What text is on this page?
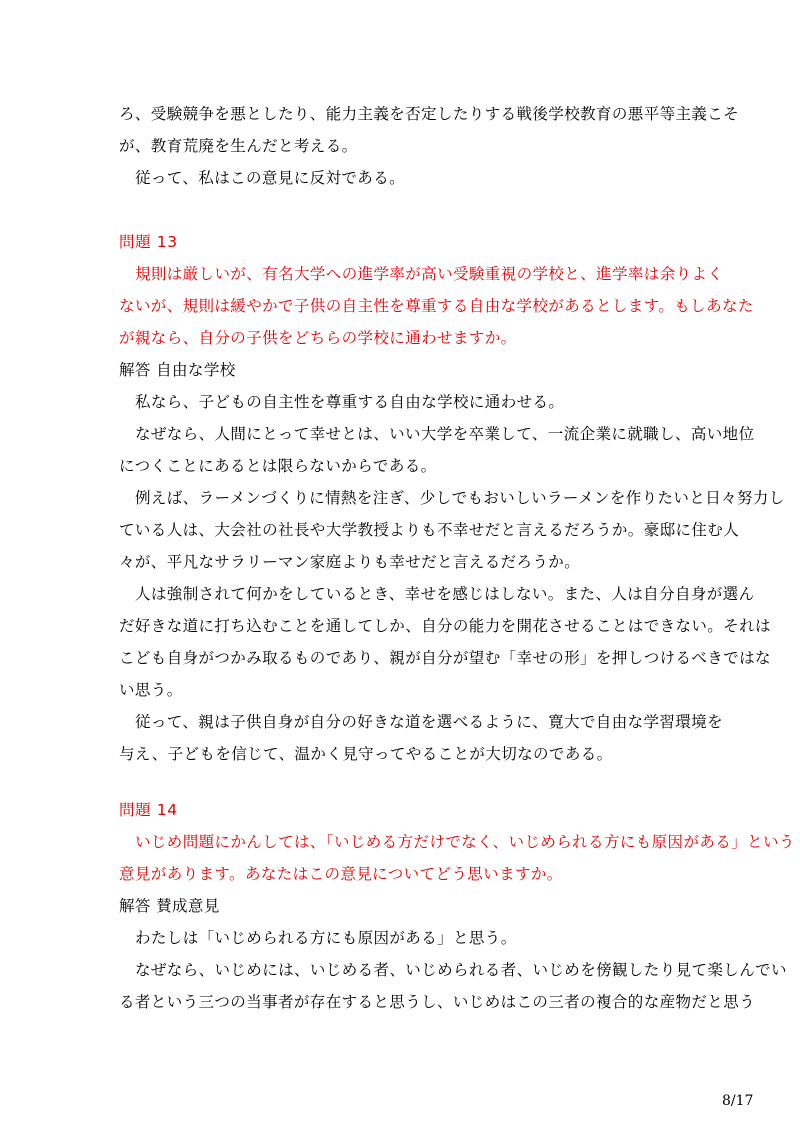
ろ、受験競争を悪としたり、能力主義を否定したりする戦後学校教育の悪平等主義こそ
が、教育荒廃を生んだと考える。
従って、私はこの意見に反対である。
問題 13
規則は厳しいが、有名大学への進学率が高い受験重視の学校と、進学率は余りよく
ないが、規則は緩やかで子供の自主性を尊重する自由な学校があるとします。もしあなた
が親なら、自分の子供をどちらの学校に通わせますか。
解答 自由な学校
私なら、子どもの自主性を尊重する自由な学校に通わせる。
なぜなら、人間にとって幸せとは、いい大学を卒業して、一流企業に就職し、高い地位
につくことにあるとは限らないからである。
例えば、ラーメンづくりに情熱を注ぎ、少しでもおいしいラーメンを作りたいと日々努力し
ている人は、大会社の社長や大学教授よりも不幸せだと言えるだろうか。豪邸に住む人
々が、平凡なサラリーマン家庭よりも幸せだと言えるだろうか。
人は強制されて何かをしているとき、幸せを感じはしない。また、人は自分自身が選ん
だ好きな道に打ち込むことを通してしか、自分の能力を開花させることはできない。それは
こども自身がつかみ取るものであり、親が自分が望む「幸せの形」を押しつけるべきではな
い思う。
従って、親は子供自身が自分の好きな道を選べるように、寛大で自由な学習環境を
与え、子どもを信じて、温かく見守ってやることが大切なのである。
問題 14
いじめ問題にかんしては、「いじめる方だけでなく、いじめられる方にも原因がある」という
意見があります。あなたはこの意見についてどう思いますか。
解答 賛成意見
わたしは「いじめられる方にも原因がある」と思う。
なぜなら、いじめには、いじめる者、いじめられる者、いじめを傍観したり見て楽しんでい
る者という三つの当事者が存在すると思うし、いじめはこの三者の複合的な産物だと思う
8/17
